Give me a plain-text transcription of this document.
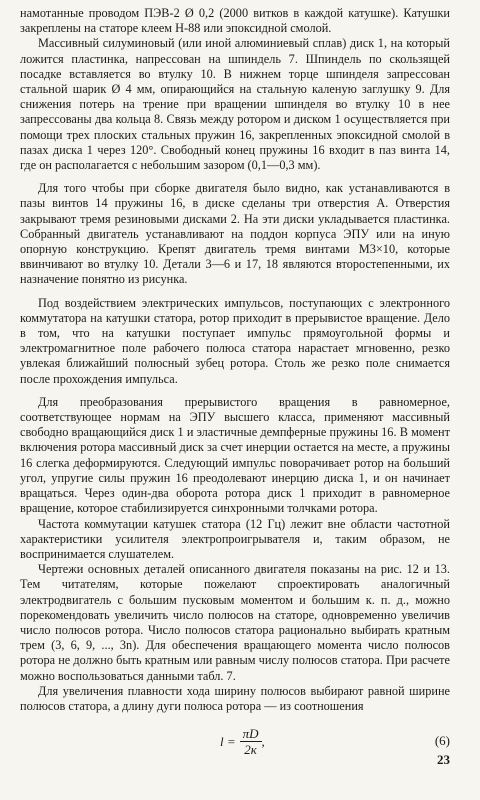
намотанные проводом ПЭВ-2 Ø 0,2 (2000 витков в каждой катушке). Катушки закреплены на статоре клеем Н-88 или эпоксидной смолой.

Массивный силуминовый (или иной алюминиевый сплав) диск 1, на который ложится пластинка, напрессован на шпиндель 7. Шпиндель по скользящей посадке вставляется во втулку 10. В нижнем торце шпинделя запрессован стальной шарик Ø 4 мм, опирающийся на стальную каленую заглушку 9. Для снижения потерь на трение при вращении шпинделя во втулку 10 в нее запрессованы два кольца 8. Связь между ротором и диском 1 осуществляется при помощи трех плоских стальных пружин 16, закрепленных эпоксидной смолой в пазах диска 1 через 120°. Свободный конец пружины 16 входит в паз винта 14, где он располагается с небольшим зазором (0,1—0,3 мм).

Для того чтобы при сборке двигателя было видно, как устанавливаются в пазы винтов 14 пружины 16, в диске сделаны три отверстия А. Отверстия закрывают тремя резиновыми дисками 2. На эти диски укладывается пластинка. Собранный двигатель устанавливают на поддон корпуса ЭПУ или на иную опорную конструкцию. Крепят двигатель тремя винтами М3×10, которые ввинчивают во втулку 10. Детали 3—6 и 17, 18 являются второстепенными, их назначение понятно из рисунка.

Под воздействием электрических импульсов, поступающих с электронного коммутатора на катушки статора, ротор приходит в прерывистое вращение. Дело в том, что на катушки поступает импульс прямоугольной формы и электромагнитное поле рабочего полюса статора нарастает мгновенно, резко увлекая ближайший полюсный зубец ротора. Столь же резко поле снимается после прохождения импульса.

Для преобразования прерывистого вращения в равномерное, соответствующее нормам на ЭПУ высшего класса, применяют массивный свободно вращающийся диск 1 и эластичные демпферные пружины 16. В момент включения ротора массивный диск за счет инерции остается на месте, а пружины 16 слегка деформируются. Следующий импульс поворачивает ротор на больший угол, упругие силы пружин 16 преодолевают инерцию диска 1, и он начинает вращаться. Через один-два оборота ротора диск 1 приходит в равномерное вращение, которое стабилизируется синхронными толчками ротора.

Частота коммутации катушек статора (12 Гц) лежит вне области частотной характеристики усилителя электропроигрывателя и, таким образом, не воспринимается слушателем.

Чертежи основных деталей описанного двигателя показаны на рис. 12 и 13. Тем читателям, которые пожелают спроектировать аналогичный электродвигатель с большим пусковым моментом и большим к. п. д., можно порекомендовать увеличить число полюсов на статоре, одновременно увеличив число полюсов ротора. Число полюсов статора рационально выбирать кратным трем (3, 6, 9, ..., 3n). Для обеспечения вращающего момента число полюсов ротора не должно быть кратным или равным числу полюсов статора. При расчете можно воспользоваться данными табл. 7.

Для увеличения плавности хода ширину полюсов выбирают равной ширине полюсов статора, а длину дуги полюса ротора — из соотношения

$l = \frac{\pi D}{2к}$ ,	(6)
23
